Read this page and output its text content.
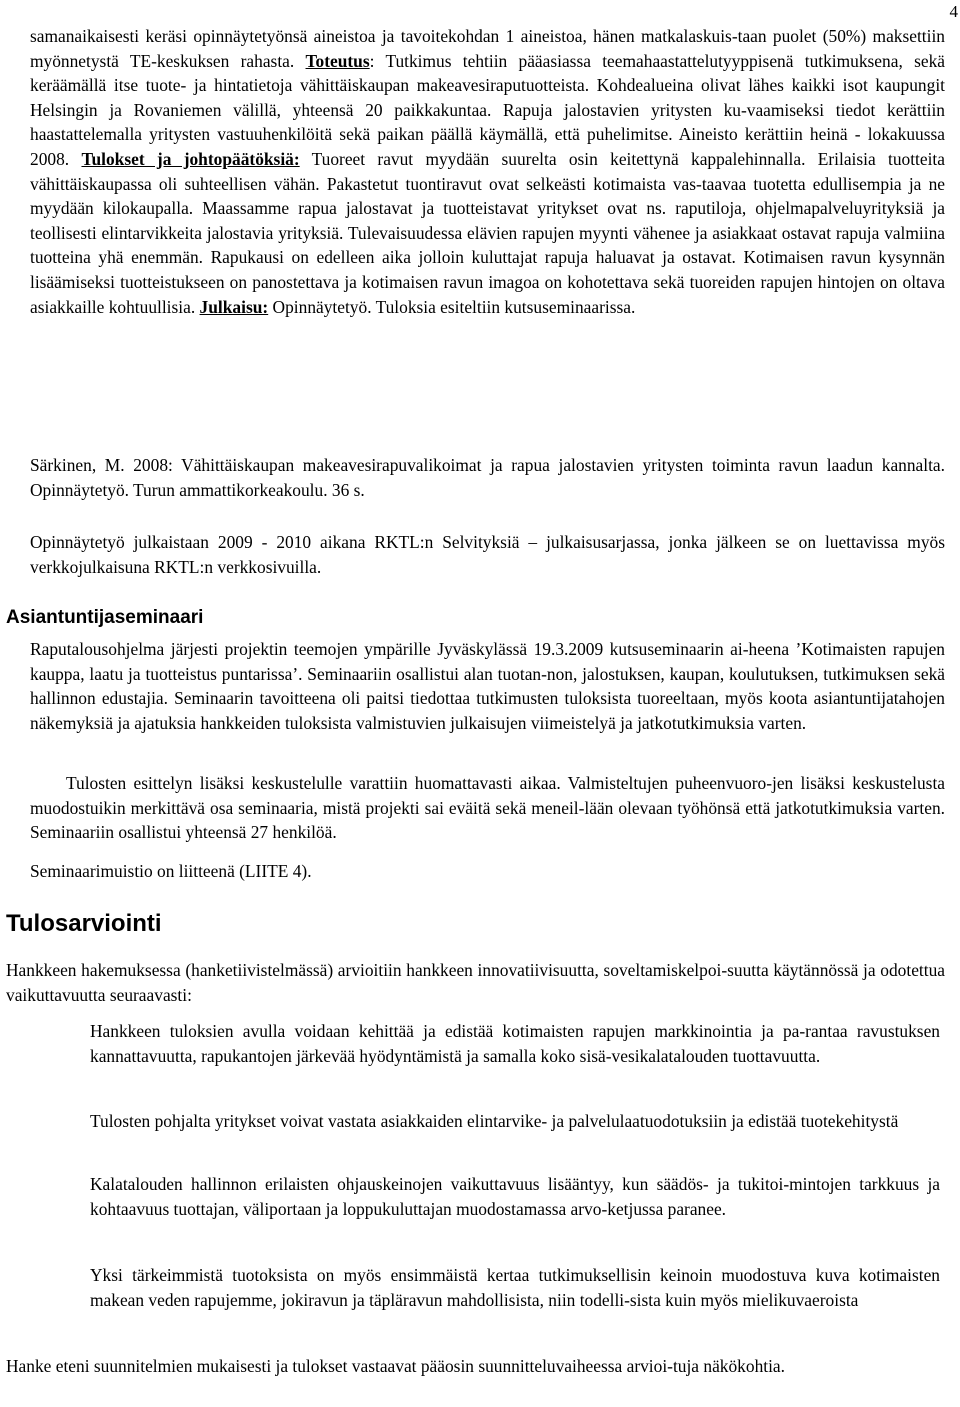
4

samanaikaisesti keräsi opinnäytetyönsä aineistoa ja tavoitekohdan 1 aineistoa, hänen matkalaskuis-taan puolet (50%) maksettiin myönnetystä TE-keskuksen rahasta. Toteutus: Tutkimus tehtiin pääasiassa teemahaastattelutyyppisenä tutkimuksena, sekä keräämällä itse tuote- ja hintatietoja vähittäiskaupan makeavesiraputuotteista. Kohdealueina olivat lähes kaikki isot kaupungit Helsingin ja Rovaniemen välillä, yhteensä 20 paikkakuntaa. Rapuja jalostavien yritysten ku-vaamiseksi tiedot kerättiin haastattelemalla yritysten vastuuhenkilöitä sekä paikan päällä käymällä, että puhelimitse. Aineisto kerättiin heinä - lokakuussa 2008. Tulokset ja johtopäätöksiä: Tuoreet ravut myydään suurelta osin keitettynä kappalehinnalla. Erilaisia tuotteita vähittäiskaupassa oli suhteellisen vähän. Pakastetut tuontiravut ovat selkeästi kotimaista vas-taavaa tuotetta edullisempia ja ne myydään kilokaupalla. Maassamme rapua jalostavat ja tuotteistavat yritykset ovat ns. raputiloja, ohjelmapalveluyrityksiä ja teollisesti elintarvikkeita jalostavia yrityksiä. Tulevaisuudessa elävien rapujen myynti vähenee ja asiakkaat ostavat rapuja valmiina tuotteina yhä enemmän. Rapukausi on edelleen aika jolloin kuluttajat rapuja haluavat ja ostavat. Kotimaisen ravun kysynnän lisäämiseksi tuotteistukseen on panostettava ja kotimaisen ravun imagoa on kohotettava sekä tuoreiden rapujen hintojen on oltava asiakkaille kohtuullisia. Julkaisu: Opinnäytetyö. Tuloksia esiteltiin kutsuseminaarissa.

Särkinen, M. 2008: Vähittäiskaupan makeavesirapuvalikoimat ja rapua jalostavien yritysten toiminta ravun laadun kannalta. Opinnäytetyö. Turun ammattikorkeakoulu. 36 s.

Opinnäytetyö julkaistaan 2009 - 2010 aikana RKTL:n Selvityksiä – julkaisusarjassa, jonka jälkeen se on luettavissa myös verkkojulkaisuna RKTL:n verkkosivuilla.

Asiantuntijaseminaari

Raputalousohjelma järjesti projektin teemojen ympärille Jyväskylässä 19.3.2009 kutsuseminaarin ai-heena ’Kotimaisten rapujen kauppa, laatu ja tuotteistus puntarissa’. Seminaariin osallistui alan tuotan-non, jalostuksen, kaupan, koulutuksen, tutkimuksen sekä hallinnon edustajia. Seminaarin tavoitteena oli paitsi tiedottaa tutkimusten tuloksista tuoreeltaan, myös koota asiantuntijatahojen näkemyksiä ja ajatuksia hankkeiden tuloksista valmistuvien julkaisujen viimeistelyä ja jatkotutkimuksia varten.

Tulosten esittelyn lisäksi keskustelulle varattiin huomattavasti aikaa. Valmisteltujen puheenvuoro-jen lisäksi keskustelusta muodostuikin merkittävä osa seminaaria, mistä projekti sai eväitä sekä meneil-lään olevaan työhönsä että jatkotutkimuksia varten. Seminaariin osallistui yhteensä 27 henkilöä.

Seminaarimuistio on liitteenä (LIITE 4).

Tulosarviointi

Hankkeen hakemuksessa (hanketiivistelmässä) arvioitiin hankkeen innovatiivisuutta, soveltamiskelpoi-suutta käytännössä ja odotettua vaikuttavuutta seuraavasti:

Hankkeen tuloksien avulla voidaan kehittää ja edistää kotimaisten rapujen markkinointia ja pa-rantaa ravustuksen kannattavuutta, rapukantojen järkevää hyödyntämistä ja samalla koko sisä-vesikalatalouden tuottavuutta.

Tulosten pohjalta yritykset voivat vastata asiakkaiden elintarvike- ja palvelulaatuodotuksiin ja edistää tuotekehitystä

Kalatalouden hallinnon erilaisten ohjauskeinojen vaikuttavuus lisääntyy, kun säädös- ja tukitoi-mintojen tarkkuus ja kohtaavuus tuottajan, väliportaan ja loppukuluttajan muodostamassa arvo-ketjussa paranee.

Yksi tärkeimmistä tuotoksista on myös ensimmäistä kertaa tutkimuksellisin keinoin muodostuva kuva kotimaisten makean veden rapujemme, jokiravun ja täpläravun mahdollisista, niin todelli-sista kuin myös mielikuvaeroista

Hanke eteni suunnitelmien mukaisesti ja tulokset vastaavat pääosin suunnitteluvaiheessa arvioi-tuja näkökohtia.
